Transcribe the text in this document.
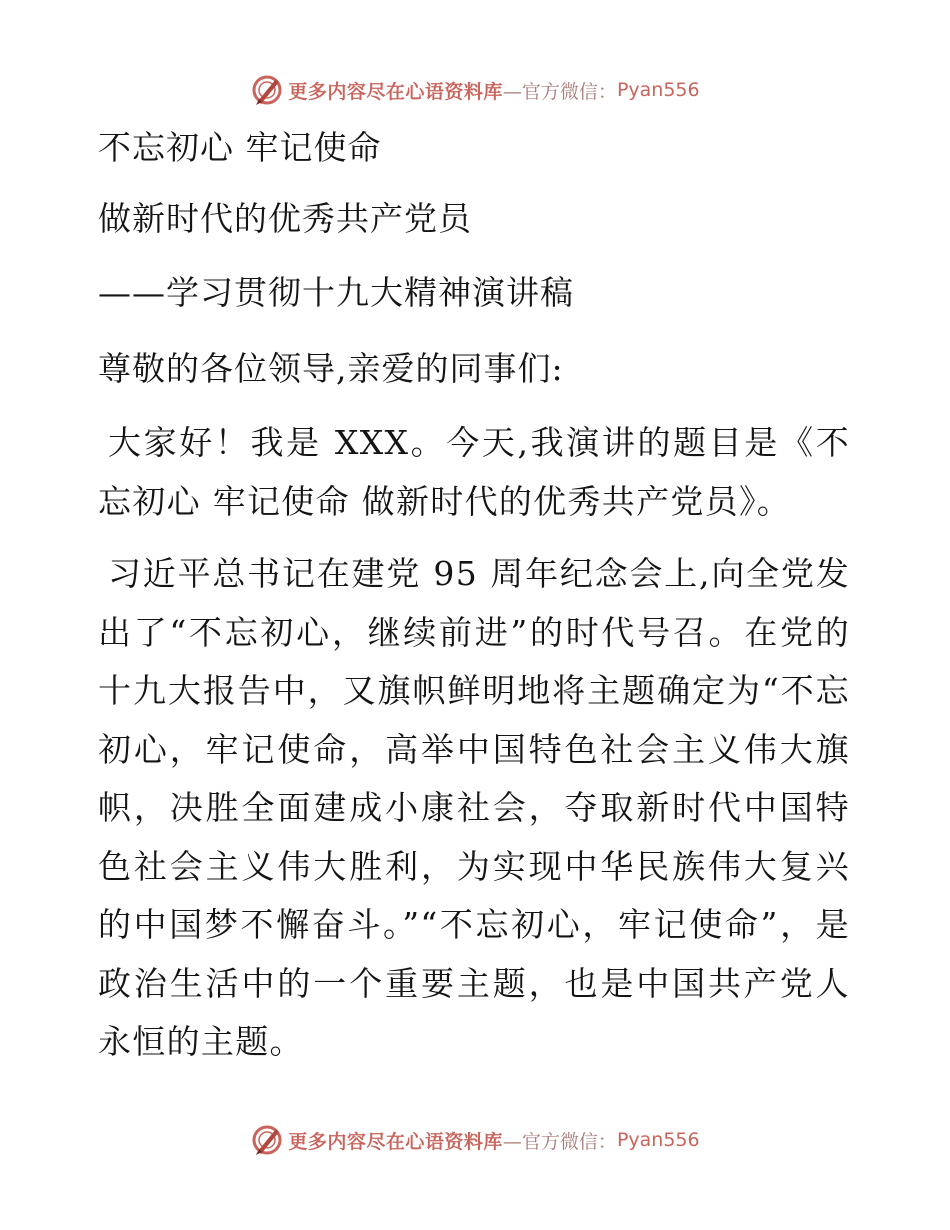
更多内容尽在心语资料库 —官方微信： Pyan556
不忘初心 牢记使命
做新时代的优秀共产党员
——学习贯彻十九大精神演讲稿
尊敬的各位领导,亲爱的同事们:
大家好！我是 XXX。今天,我演讲的题目是《不忘初心 牢记使命 做新时代的优秀共产党员》。
习近平总书记在建党 95 周年纪念会上,向全党发出了“不忘初心，继续前进”的时代号召。在党的十九大报告中，又旗帜鲜明地将主题确定为“不忘初心，牢记使命，高举中国特色社会主义伟大旗帜，决胜全面建成小康社会，夺取新时代中国特色社会主义伟大胜利，为实现中华民族伟大复兴的中国梦不懈奋斗。”“不忘初心，牢记使命”，是政治生活中的一个重要主题，也是中国共产党人永恒的主题。
更多内容尽在心语资料库 —官方微信： Pyan556
